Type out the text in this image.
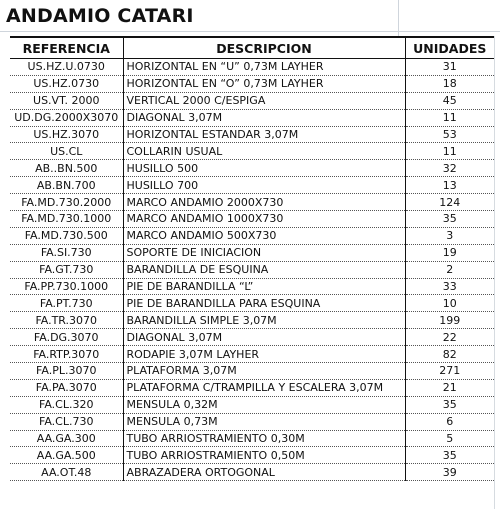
ANDAMIO CATARI
REFERENCIA	DESCRIPCION	UNIDADES
US.HZ.U.0730	HORIZONTAL EN “U” 0,73M LAYHER	31
US.HZ.0730	HORIZONTAL EN “O” 0,73M LAYHER	18
US.VT. 2000	VERTICAL 2000 C/ESPIGA	45
UD.DG.2000X3070	DIAGONAL 3,07M	11
US.HZ.3070	HORIZONTAL ESTANDAR 3,07M	53
US.CL	COLLARIN USUAL	11
AB..BN.500	HUSILLO 500	32
AB.BN.700	HUSILLO 700	13
FA.MD.730.2000	MARCO ANDAMIO 2000X730	124
FA.MD.730.1000	MARCO ANDAMIO 1000X730	35
FA.MD.730.500	MARCO ANDAMIO 500X730	3
FA.SI.730	SOPORTE DE INICIACION	19
FA.GT.730	BARANDILLA DE ESQUINA	2
FA.PP.730.1000	PIE DE BARANDILLA “L”	33
FA.PT.730	PIE DE BARANDILLA PARA ESQUINA	10
FA.TR.3070	BARANDILLA SIMPLE 3,07M	199
FA.DG.3070	DIAGONAL 3,07M	22
FA.RTP.3070	RODAPIE 3,07M LAYHER	82
FA.PL.3070	PLATAFORMA 3,07M	271
FA.PA.3070	PLATAFORMA C/TRAMPILLA Y ESCALERA 3,07M	21
FA.CL.320	MENSULA 0,32M	35
FA.CL.730	MENSULA 0,73M	6
AA.GA.300	TUBO ARRIOSTRAMIENTO 0,30M	5
AA.GA.500	TUBO ARRIOSTRAMIENTO 0,50M	35
AA.OT.48	ABRAZADERA ORTOGONAL	39
